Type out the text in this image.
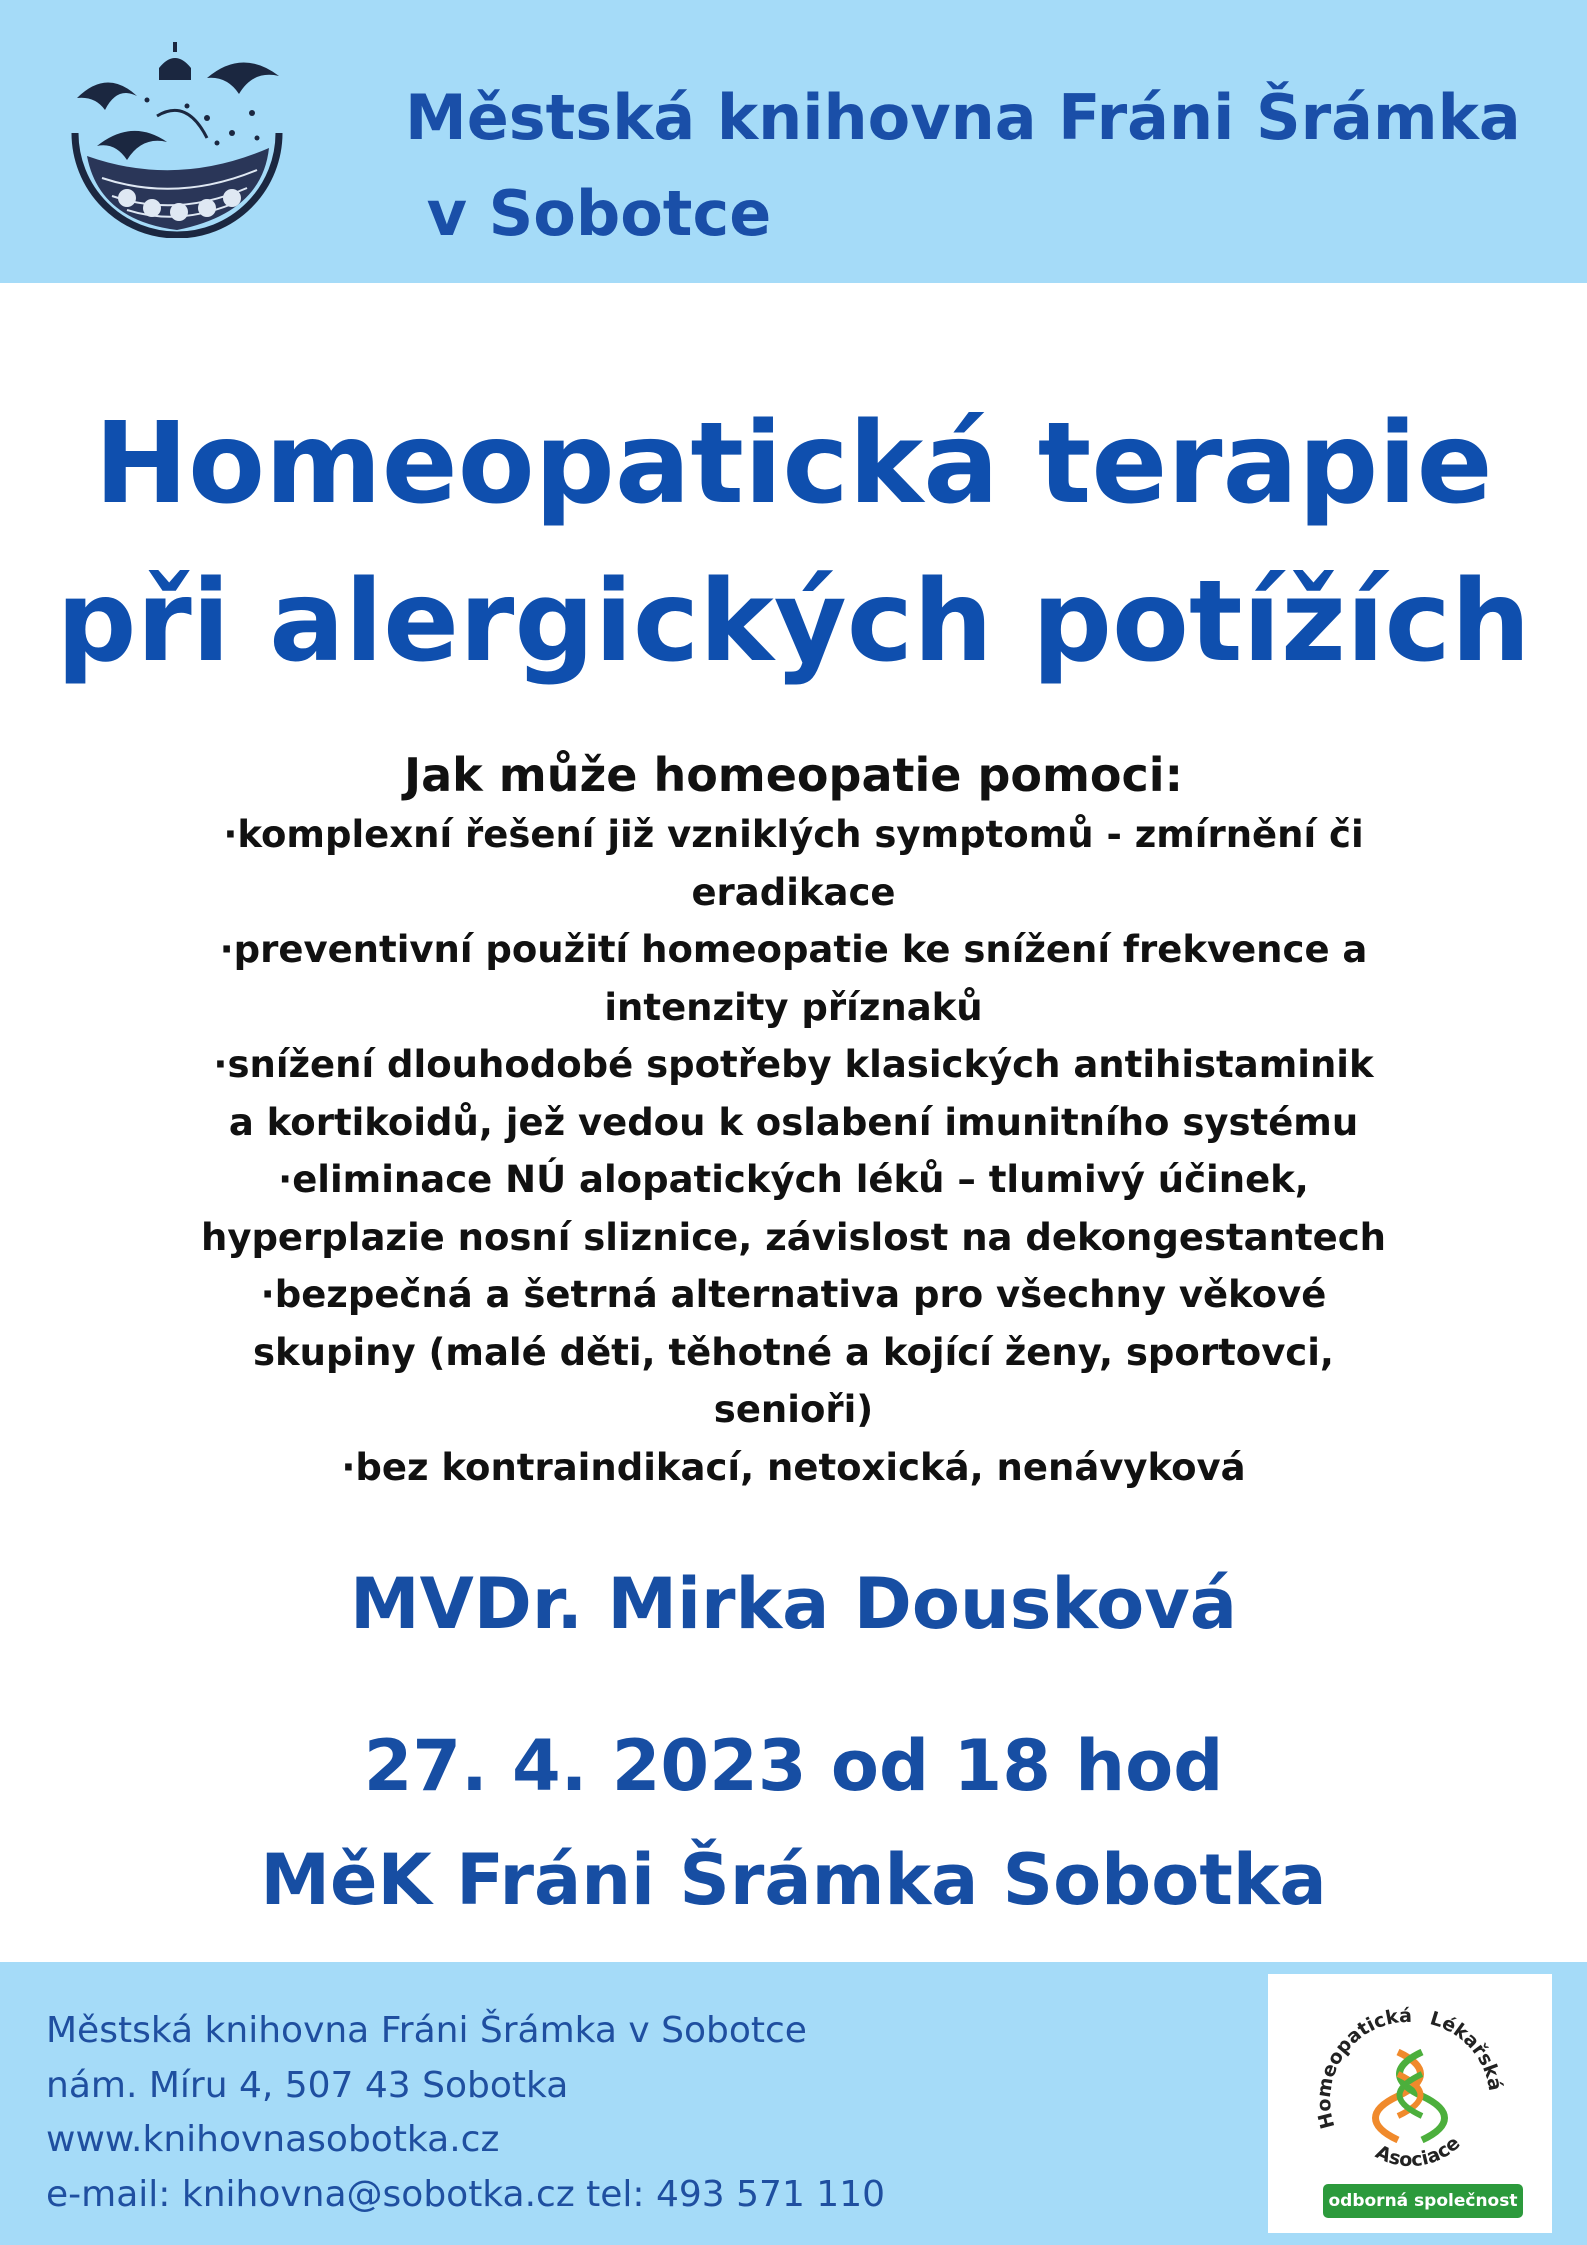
Městská knihovna Fráni Šrámka
v Sobotce
Homeopatická terapie
při alergických potížích
Jak může homeopatie pomoci:
·komplexní řešení již vzniklých symptomů - zmírnění či
eradikace
·preventivní použití homeopatie ke snížení frekvence a
intenzity příznaků
·snížení dlouhodobé spotřeby klasických antihistaminik
a kortikoidů, jež vedou k oslabení imunitního systému
·eliminace NÚ alopatických léků – tlumivý účinek,
hyperplazie nosní sliznice, závislost na dekongestantech
·bezpečná a šetrná alternativa pro všechny věkové
skupiny (malé děti, těhotné a kojící ženy, sportovci,
senioři)
·bez kontraindikací, netoxická, nenávyková
MVDr. Mirka Dousková
27. 4. 2023 od 18 hod
MěK Fráni Šrámka Sobotka
Městská knihovna Fráni Šrámka v Sobotce
nám. Míru 4, 507 43 Sobotka
www.knihovnasobotka.cz
e-mail: knihovna@sobotka.cz tel: 493 571 110
Homeopatická Lékařská
Asociace
odborná společnost
